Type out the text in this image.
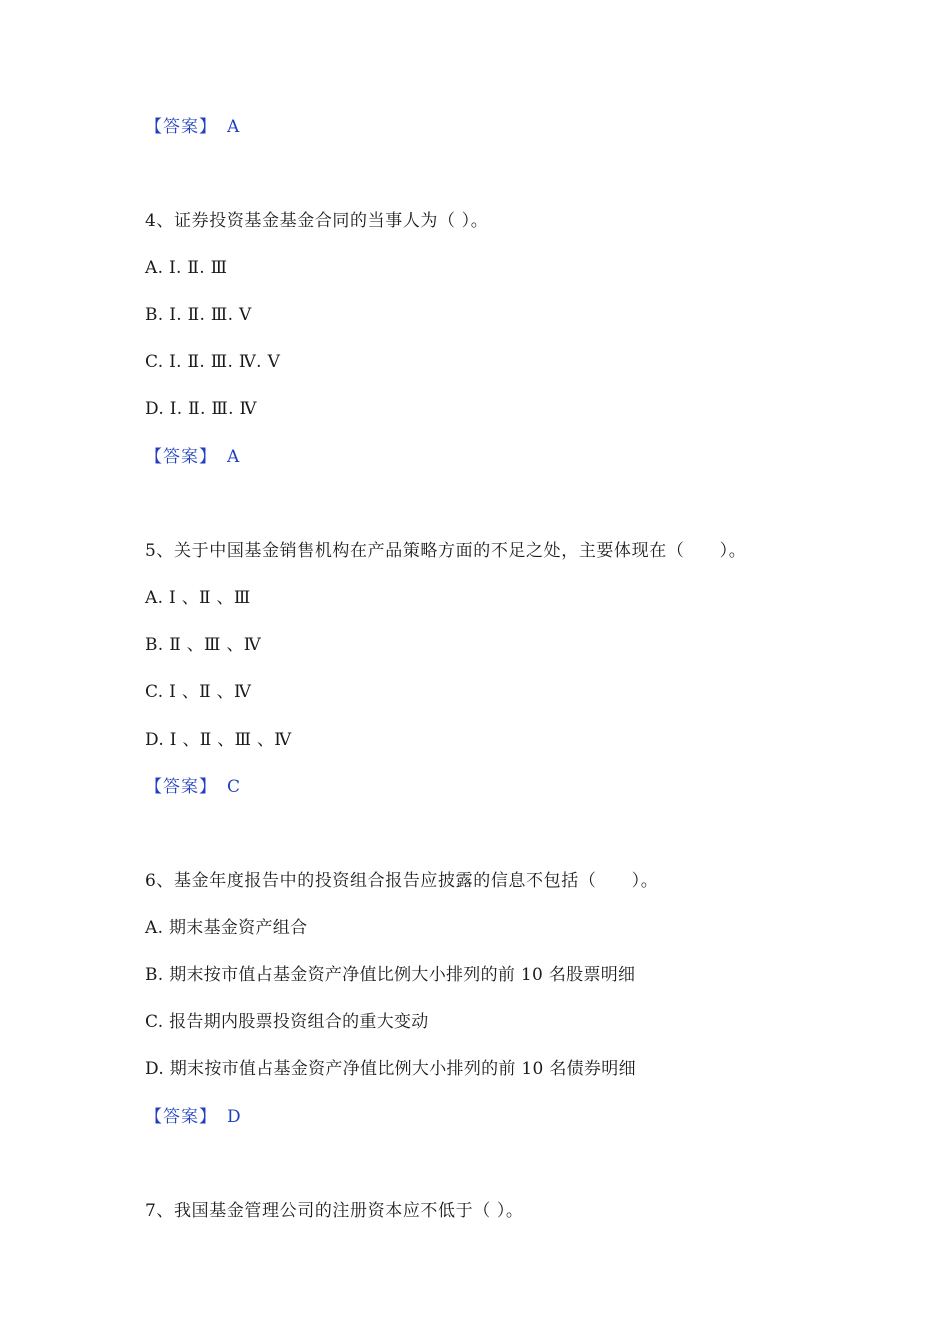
【答案】 A
4、证券投资基金基金合同的当事人为（ ）。
A. Ⅰ. Ⅱ. Ⅲ
B. Ⅰ. Ⅱ. Ⅲ. Ⅴ
C. Ⅰ. Ⅱ. Ⅲ. Ⅳ. Ⅴ
D. Ⅰ. Ⅱ. Ⅲ. Ⅳ
【答案】 A
5、关于中国基金销售机构在产品策略方面的不足之处，主要体现在（　　）。
A. Ⅰ 、Ⅱ 、Ⅲ
B. Ⅱ 、Ⅲ 、Ⅳ
C. Ⅰ 、Ⅱ 、Ⅳ
D. Ⅰ 、Ⅱ 、Ⅲ 、Ⅳ
【答案】 C
6、基金年度报告中的投资组合报告应披露的信息不包括（　　）。
A. 期末基金资产组合
B. 期末按市值占基金资产净值比例大小排列的前 10 名股票明细
C. 报告期内股票投资组合的重大变动
D. 期末按市值占基金资产净值比例大小排列的前 10 名债券明细
【答案】 D
7、我国基金管理公司的注册资本应不低于（ ）。
